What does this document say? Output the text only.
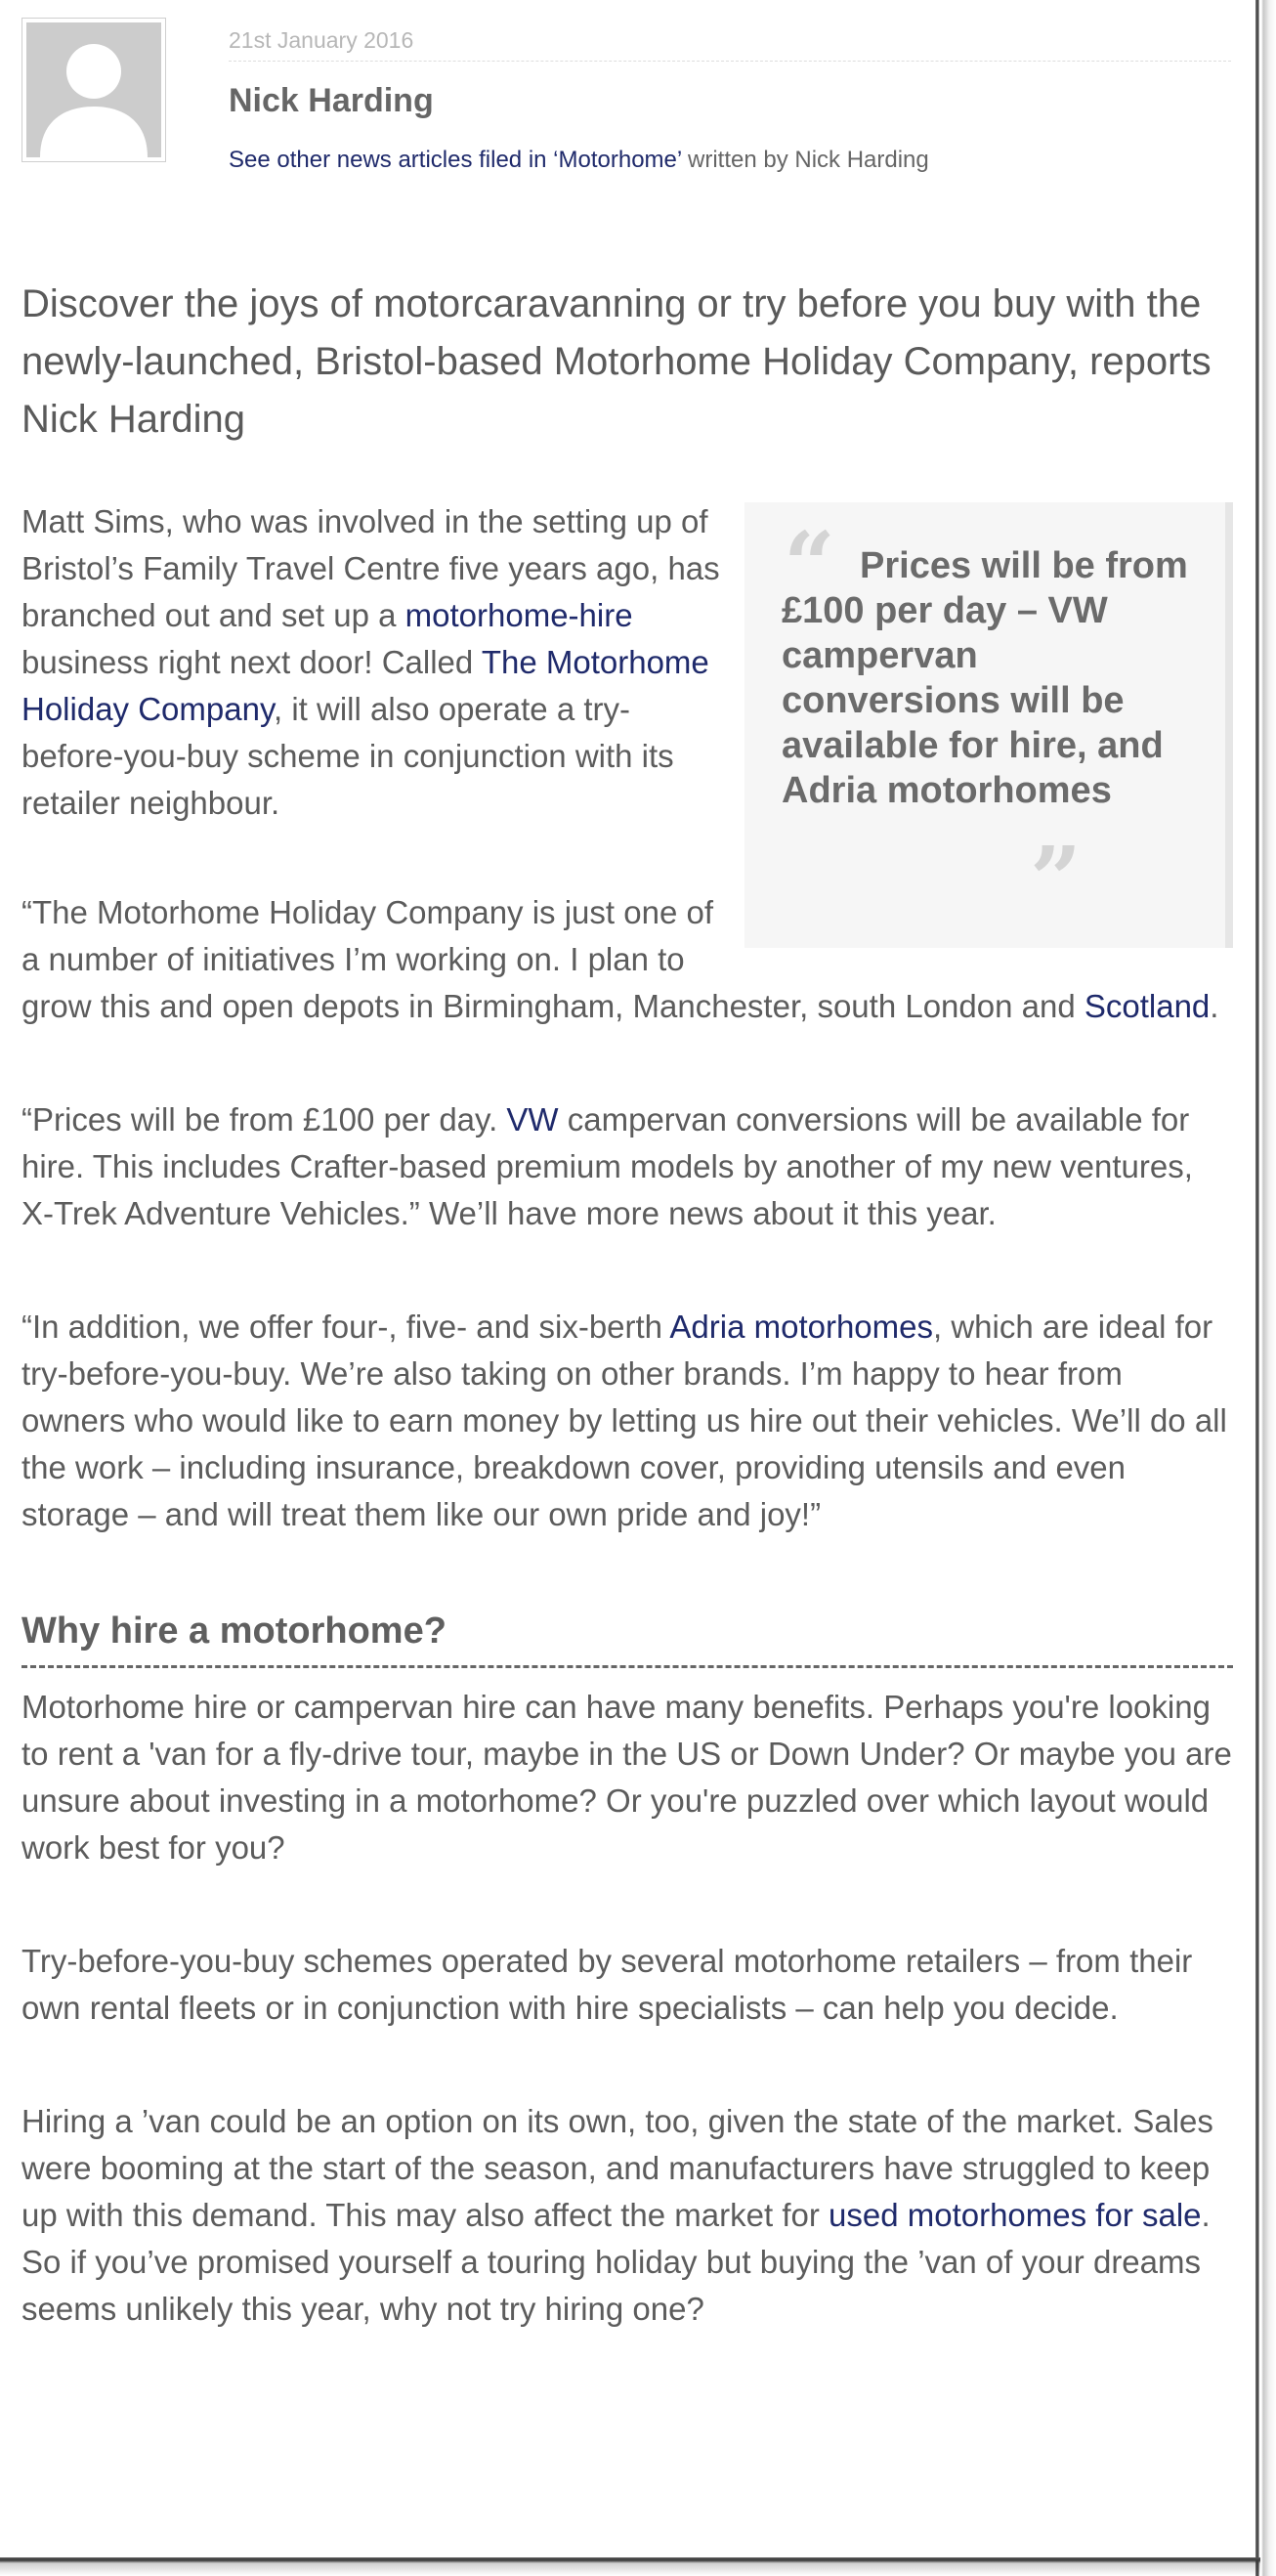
21st January 2016
Nick Harding
See other news articles filed in ‘Motorhome’ written by Nick Harding

Discover the joys of motorcaravanning or try before you buy with the newly-launched, Bristol-based Motorhome Holiday Company, reports Nick Harding

“ Prices will be from £100 per day – VW campervan conversions will be available for hire, and Adria motorhomes

”

Matt Sims, who was involved in the setting up of Bristol’s Family Travel Centre five years ago, has branched out and set up a motorhome-hire business right next door! Called The Motorhome Holiday Company, it will also operate a try-before-you-buy scheme in conjunction with its retailer neighbour.

“The Motorhome Holiday Company is just one of a number of initiatives I’m working on. I plan to grow this and open depots in Birmingham, Manchester, south London and Scotland.

“Prices will be from £100 per day. VW campervan conversions will be available for hire. This includes Crafter-based premium models by another of my new ventures, X-Trek Adventure Vehicles.” We’ll have more news about it this year.

“In addition, we offer four-, five- and six-berth Adria motorhomes, which are ideal for try-before-you-buy. We’re also taking on other brands. I’m happy to hear from owners who would like to earn money by letting us hire out their vehicles. We’ll do all the work – including insurance, breakdown cover, providing utensils and even storage – and will treat them like our own pride and joy!”

Why hire a motorhome?

Motorhome hire or campervan hire can have many benefits. Perhaps you're looking to rent a 'van for a fly-drive tour, maybe in the US or Down Under? Or maybe you are unsure about investing in a motorhome? Or you're puzzled over which layout would work best for you?

Try-before-you-buy schemes operated by several motorhome retailers – from their own rental fleets or in conjunction with hire specialists – can help you decide.

Hiring a ’van could be an option on its own, too, given the state of the market. Sales were booming at the start of the season, and manufacturers have struggled to keep up with this demand. This may also affect the market for used motorhomes for sale. So if you’ve promised yourself a touring holiday but buying the ’van of your dreams seems unlikely this year, why not try hiring one?
